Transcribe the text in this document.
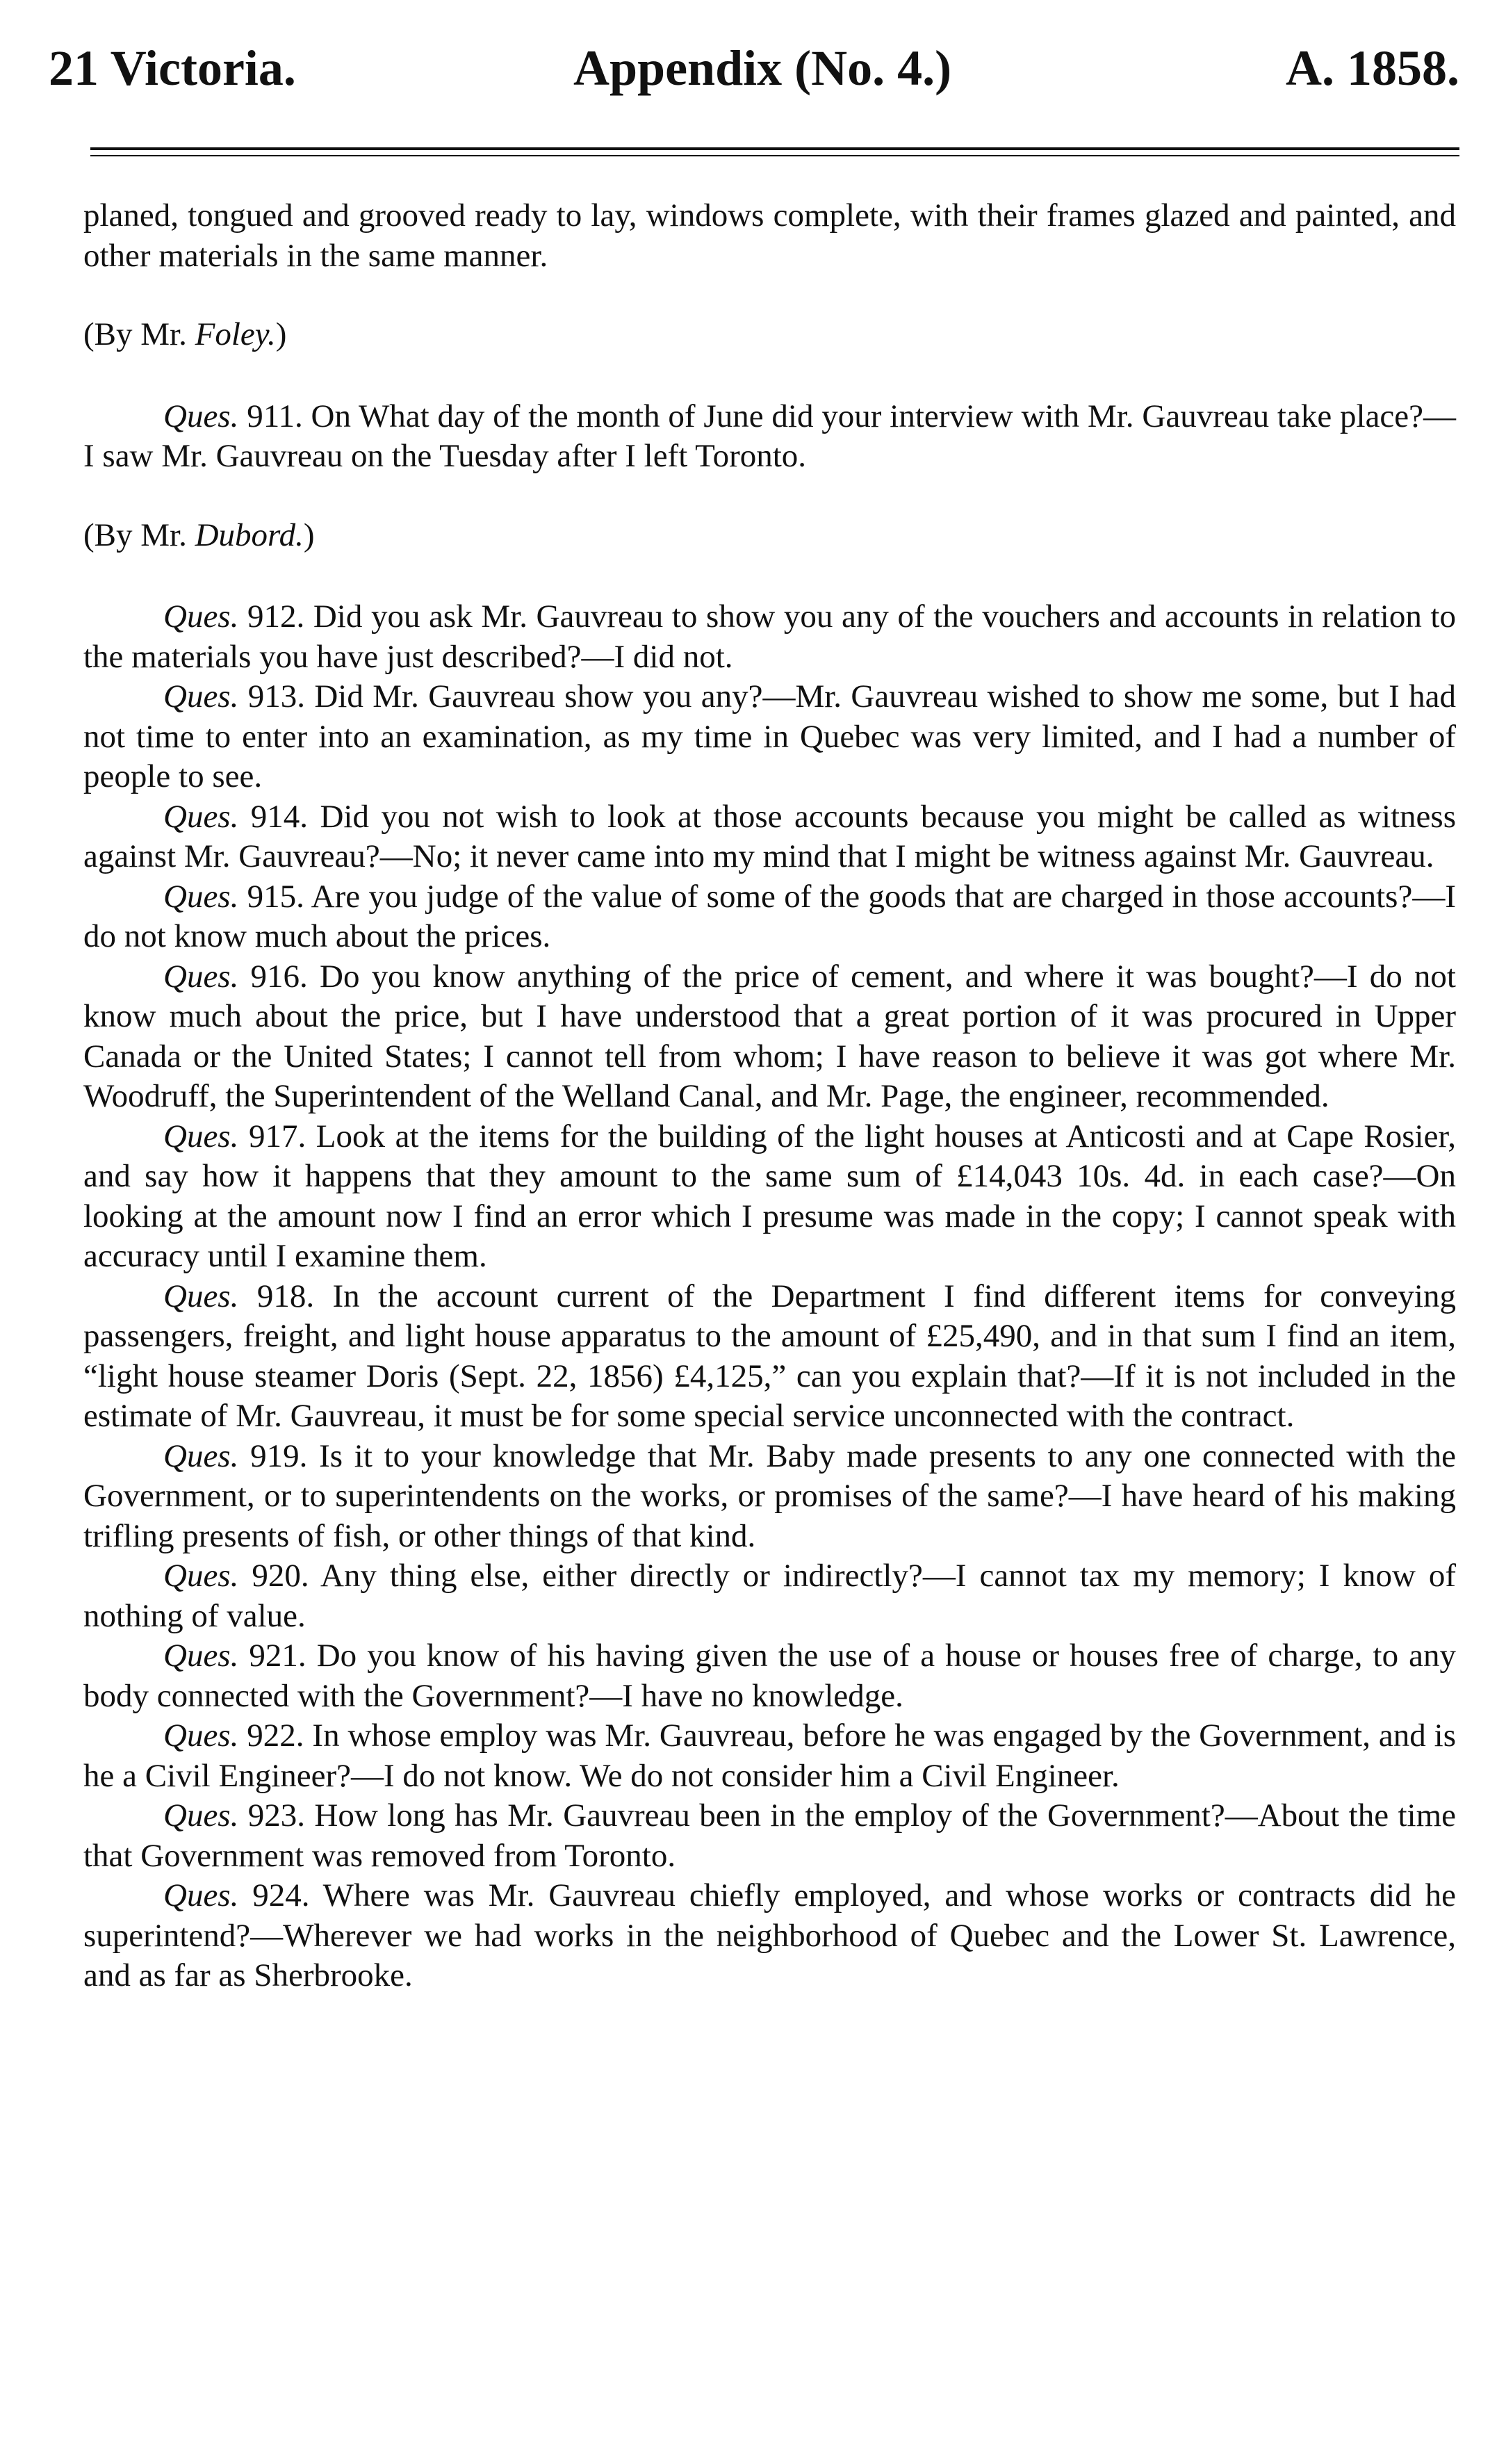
21 Victoria.	Appendix (No. 4.)	A. 1858.

planed, tongued and grooved ready to lay, windows complete, with their frames glazed and painted, and other materials in the same manner.

(By Mr. Foley.)

Ques. 911. On What day of the month of June did your interview with Mr. Gauvreau take place?—I saw Mr. Gauvreau on the Tuesday after I left Toronto.

(By Mr. Dubord.)

Ques. 912. Did you ask Mr. Gauvreau to show you any of the vouchers and accounts in relation to the materials you have just described?—I did not.

Ques. 913. Did Mr. Gauvreau show you any?—Mr. Gauvreau wished to show me some, but I had not time to enter into an examination, as my time in Quebec was very limited, and I had a number of people to see.

Ques. 914. Did you not wish to look at those accounts because you might be called as witness against Mr. Gauvreau?—No; it never came into my mind that I might be witness against Mr. Gauvreau.

Ques. 915. Are you judge of the value of some of the goods that are charged in those accounts?—I do not know much about the prices.

Ques. 916. Do you know anything of the price of cement, and where it was bought?—I do not know much about the price, but I have understood that a great portion of it was procured in Upper Canada or the United States; I cannot tell from whom; I have reason to believe it was got where Mr. Woodruff, the Superintendent of the Welland Canal, and Mr. Page, the engineer, recommended.

Ques. 917. Look at the items for the building of the light houses at Anticosti and at Cape Rosier, and say how it happens that they amount to the same sum of £14,043 10s. 4d. in each case?—On looking at the amount now I find an error which I presume was made in the copy; I cannot speak with accuracy until I examine them.

Ques. 918. In the account current of the Department I find different items for conveying passengers, freight, and light house apparatus to the amount of £25,490, and in that sum I find an item, “light house steamer Doris (Sept. 22, 1856) £4,125,” can you explain that?—If it is not included in the estimate of Mr. Gauvreau, it must be for some special service unconnected with the contract.

Ques. 919. Is it to your knowledge that Mr. Baby made presents to any one connected with the Government, or to superintendents on the works, or promises of the same?—I have heard of his making trifling presents of fish, or other things of that kind.

Ques. 920. Any thing else, either directly or indirectly?—I cannot tax my memory; I know of nothing of value.

Ques. 921. Do you know of his having given the use of a house or houses free of charge, to any body connected with the Government?—I have no knowledge.

Ques. 922. In whose employ was Mr. Gauvreau, before he was engaged by the Government, and is he a Civil Engineer?—I do not know. We do not consider him a Civil Engineer.

Ques. 923. How long has Mr. Gauvreau been in the employ of the Government?—About the time that Government was removed from Toronto.

Ques. 924. Where was Mr. Gauvreau chiefly employed, and whose works or contracts did he superintend?—Wherever we had works in the neighborhood of Quebec and the Lower St. Lawrence, and as far as Sherbrooke.
